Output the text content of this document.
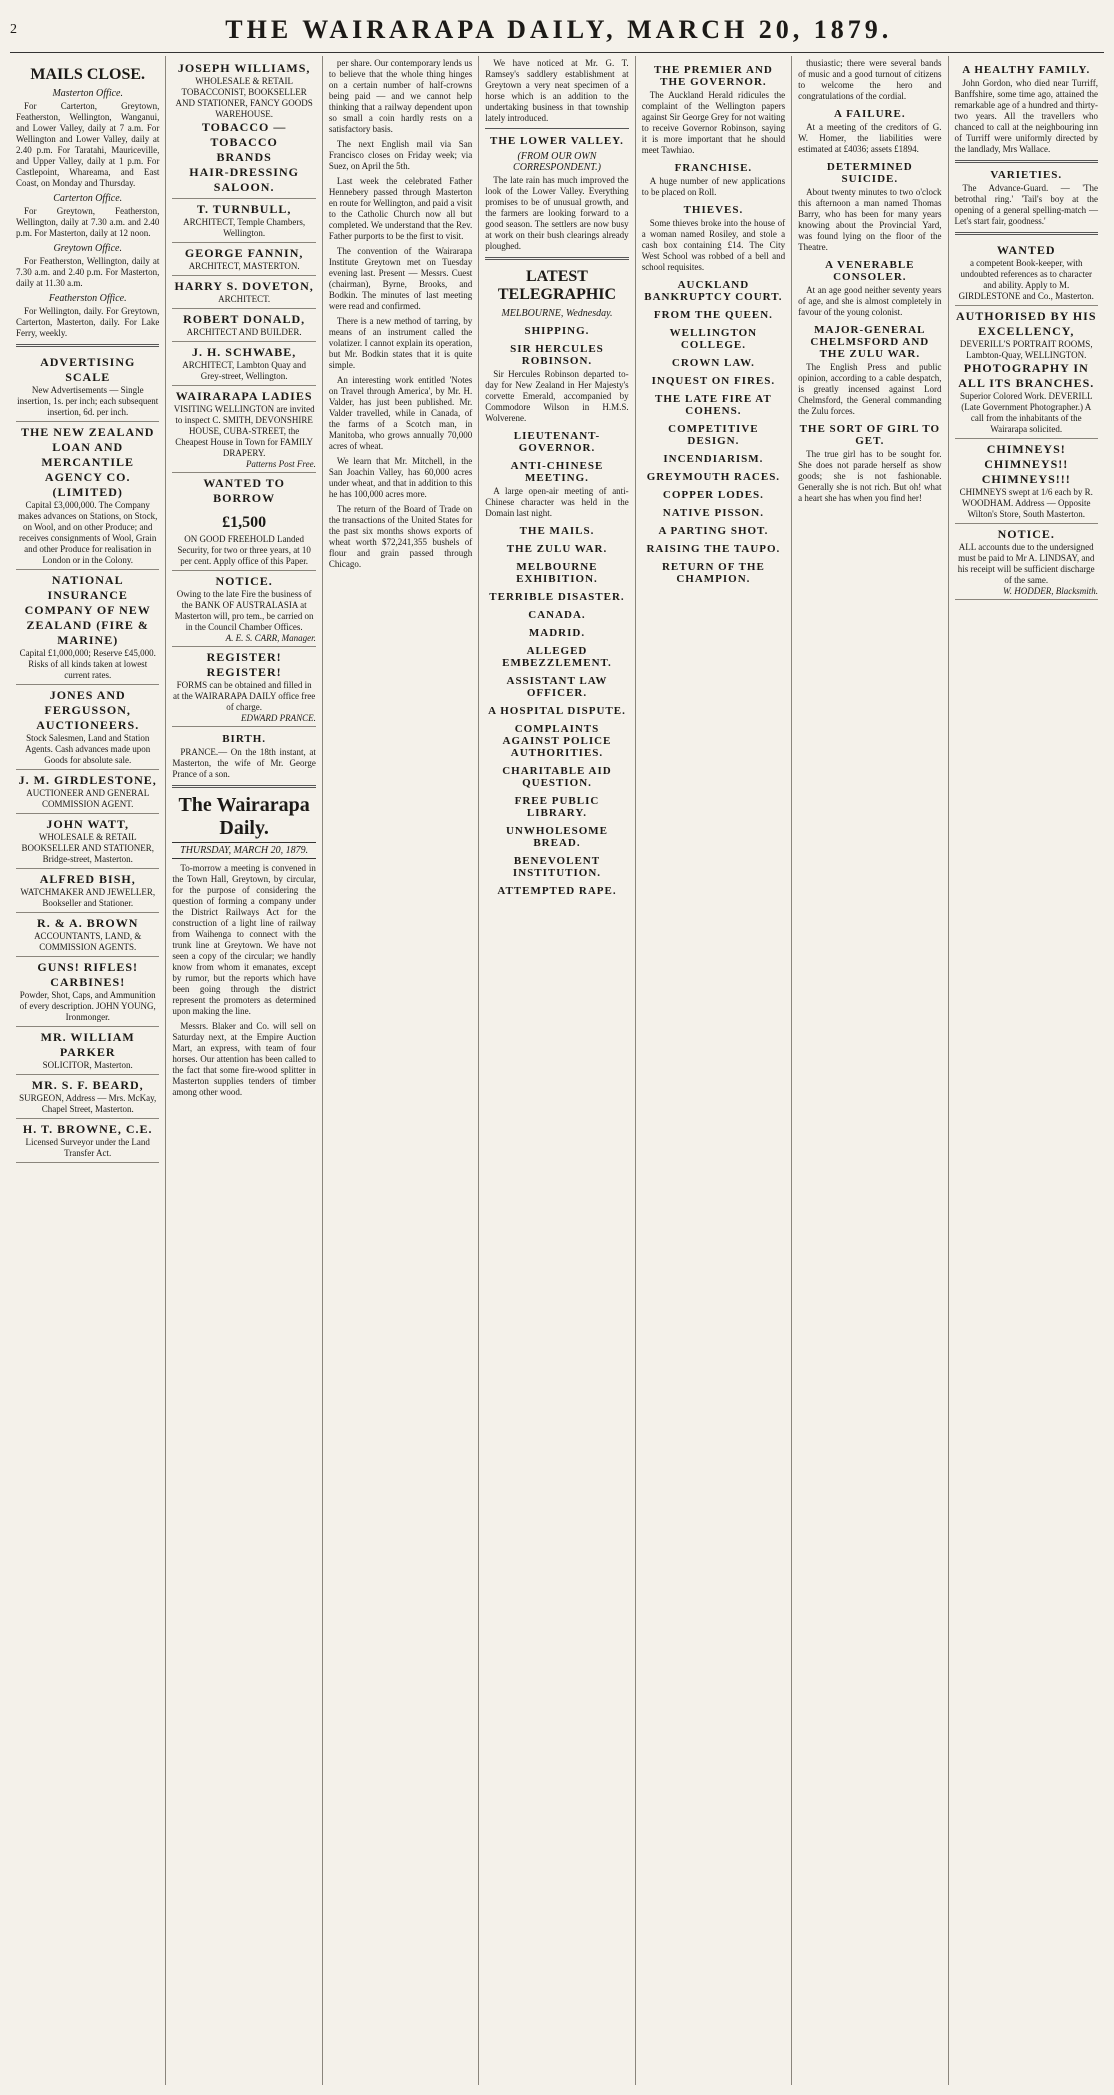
2	THE WAIRARAPA DAILY, MARCH 20, 1879.

MAILS CLOSE.
Masterton Office.

For Carterton, Greytown, Featherston, Wellington, Wanganui, and Lower Valley, daily at 7 a.m. For Wellington and Lower Valley, daily at 2.40 p.m. For Taratahi, Mauriceville, and Upper Valley, daily at 1 p.m. For Castlepoint, Whareama, and East Coast, on Monday and Thursday.

Carterton Office.

For Greytown, Featherston, Wellington, daily at 7.30 a.m. and 2.40 p.m. For Masterton, daily at 12 noon.

Greytown Office.

For Featherston, Wellington, daily at 7.30 a.m. and 2.40 p.m. For Masterton, daily at 11.30 a.m.

Featherston Office.

For Wellington, daily. For Greytown, Carterton, Masterton, daily. For Lake Ferry, weekly.

ADVERTISING SCALE
New Advertisements — Single insertion, 1s. per inch; each subsequent insertion, 6d. per inch.
THE NEW ZEALAND LOAN AND MERCANTILE AGENCY CO. (LIMITED)
Capital £3,000,000. The Company makes advances on Stations, on Stock, on Wool, and on other Produce; and receives consignments of Wool, Grain and other Produce for realisation in London or in the Colony.
NATIONAL INSURANCE COMPANY OF NEW ZEALAND (FIRE & MARINE)
Capital £1,000,000; Reserve £45,000. Risks of all kinds taken at lowest current rates.
JONES AND FERGUSSON, AUCTIONEERS.
Stock Salesmen, Land and Station Agents. Cash advances made upon Goods for absolute sale.
J. M. GIRDLESTONE,
AUCTIONEER AND GENERAL COMMISSION AGENT.
JOHN WATT,
WHOLESALE & RETAIL BOOKSELLER AND STATIONER, Bridge-street, Masterton.
ALFRED BISH,
WATCHMAKER AND JEWELLER, Bookseller and Stationer.
R. & A. BROWN
ACCOUNTANTS, LAND, & COMMISSION AGENTS.
GUNS! RIFLES! CARBINES!
Powder, Shot, Caps, and Ammunition of every description. JOHN YOUNG, Ironmonger.
MR. WILLIAM PARKER
SOLICITOR, Masterton.
MR. S. F. BEARD,
SURGEON, Address — Mrs. McKay, Chapel Street, Masterton.
H. T. BROWNE, C.E.
Licensed Surveyor under the Land Transfer Act.
JOSEPH WILLIAMS,
WHOLESALE & RETAIL TOBACCONIST, BOOKSELLER AND STATIONER, FANCY GOODS WAREHOUSE.
TOBACCO — TOBACCO
BRANDS
HAIR-DRESSING SALOON.
T. TURNBULL,
ARCHITECT, Temple Chambers, Wellington.
GEORGE FANNIN,
ARCHITECT, MASTERTON.
HARRY S. DOVETON,
ARCHITECT.
ROBERT DONALD,
ARCHITECT AND BUILDER.
J. H. SCHWABE,
ARCHITECT, Lambton Quay and Grey-street, Wellington.
WAIRARAPA LADIES
VISITING WELLINGTON are invited to inspect C. SMITH, DEVONSHIRE HOUSE, CUBA-STREET, the Cheapest House in Town for FAMILY DRAPERY.
Patterns Post Free.
WANTED TO BORROW
£1,500
ON GOOD FREEHOLD Landed Security, for two or three years, at 10 per cent. Apply office of this Paper.
NOTICE.
Owing to the late Fire the business of the BANK OF AUSTRALASIA at Masterton will, pro tem., be carried on in the Council Chamber Offices.
A. E. S. CARR, Manager.
REGISTER! REGISTER!
FORMS can be obtained and filled in at the WAIRARAPA DAILY office free of charge.
EDWARD PRANCE.
BIRTH.

PRANCE.— On the 18th instant, at Masterton, the wife of Mr. George Prance of a son.

The Wairarapa Daily.
THURSDAY, MARCH 20, 1879.

To-morrow a meeting is convened in the Town Hall, Greytown, by circular, for the purpose of considering the question of forming a company under the District Railways Act for the construction of a light line of railway from Waihenga to connect with the trunk line at Greytown. We have not seen a copy of the circular; we handly know from whom it emanates, except by rumor, but the reports which have been going through the district represent the promoters as determined upon making the line.

Messrs. Blaker and Co. will sell on Saturday next, at the Empire Auction Mart, an express, with team of four horses. Our attention has been called to the fact that some fire-wood splitter in Masterton supplies tenders of timber among other wood.

per share. Our contemporary lends us to believe that the whole thing hinges on a certain number of half-crowns being paid — and we cannot help thinking that a railway dependent upon so small a coin hardly rests on a satisfactory basis.

The next English mail via San Francisco closes on Friday week; via Suez, on April the 5th.

Last week the celebrated Father Hennebery passed through Masterton en route for Wellington, and paid a visit to the Catholic Church now all but completed. We understand that the Rev. Father purports to be the first to visit.

The convention of the Wairarapa Institute Greytown met on Tuesday evening last. Present — Messrs. Cuest (chairman), Byrne, Brooks, and Bodkin. The minutes of last meeting were read and confirmed.

There is a new method of tarring, by means of an instrument called the volatizer. I cannot explain its operation, but Mr. Bodkin states that it is quite simple.

An interesting work entitled 'Notes on Travel through America', by Mr. H. Valder, has just been published. Mr. Valder travelled, while in Canada, of the farms of a Scotch man, in Manitoba, who grows annually 70,000 acres of wheat.

We learn that Mr. Mitchell, in the San Joachin Valley, has 60,000 acres under wheat, and that in addition to this he has 100,000 acres more.

The return of the Board of Trade on the transactions of the United States for the past six months shows exports of wheat worth $72,241,355 bushels of flour and grain passed through Chicago.

We have noticed at Mr. G. T. Ramsey's saddlery establishment at Greytown a very neat specimen of a horse which is an addition to the undertaking business in that township lately introduced.

THE LOWER VALLEY.
(FROM OUR OWN CORRESPONDENT.)

The late rain has much improved the look of the Lower Valley. Everything promises to be of unusual growth, and the farmers are looking forward to a good season. The settlers are now busy at work on their bush clearings already ploughed.

LATEST TELEGRAPHIC
MELBOURNE, Wednesday.
SHIPPING.
SIR HERCULES ROBINSON.

Sir Hercules Robinson departed to-day for New Zealand in Her Majesty's corvette Emerald, accompanied by Commodore Wilson in H.M.S. Wolverene.

LIEUTENANT-GOVERNOR.
ANTI-CHINESE MEETING.

A large open-air meeting of anti-Chinese character was held in the Domain last night.

THE MAILS.
THE ZULU WAR.
MELBOURNE EXHIBITION.
TERRIBLE DISASTER.
CANADA.
MADRID.
ALLEGED EMBEZZLEMENT.
ASSISTANT LAW OFFICER.
A HOSPITAL DISPUTE.
COMPLAINTS AGAINST POLICE AUTHORITIES.
CHARITABLE AID QUESTION.
FREE PUBLIC LIBRARY.
UNWHOLESOME BREAD.
BENEVOLENT INSTITUTION.
ATTEMPTED RAPE.
THE PREMIER AND THE GOVERNOR.

The Auckland Herald ridicules the complaint of the Wellington papers against Sir George Grey for not waiting to receive Governor Robinson, saying it is more important that he should meet Tawhiao.

FRANCHISE.

A huge number of new applications to be placed on Roll.

THIEVES.

Some thieves broke into the house of a woman named Rosiley, and stole a cash box containing £14. The City West School was robbed of a bell and school requisites.

AUCKLAND BANKRUPTCY COURT.
FROM THE QUEEN.
WELLINGTON COLLEGE.
CROWN LAW.
INQUEST ON FIRES.
THE LATE FIRE AT COHENS.
COMPETITIVE DESIGN.
INCENDIARISM.
GREYMOUTH RACES.
COPPER LODES.
NATIVE PISSON.
A PARTING SHOT.
RAISING THE TAUPO.
RETURN OF THE CHAMPION.

thusiastic; there were several bands of music and a good turnout of citizens to welcome the hero and congratulations of the cordial.

A FAILURE.

At a meeting of the creditors of G. W. Homer, the liabilities were estimated at £4036; assets £1894.

DETERMINED SUICIDE.

About twenty minutes to two o'clock this afternoon a man named Thomas Barry, who has been for many years knowing about the Provincial Yard, was found lying on the floor of the Theatre.

A VENERABLE CONSOLER.

At an age good neither seventy years of age, and she is almost completely in favour of the young colonist.

MAJOR-GENERAL CHELMSFORD AND THE ZULU WAR.

The English Press and public opinion, according to a cable despatch, is greatly incensed against Lord Chelmsford, the General commanding the Zulu forces.

THE SORT OF GIRL TO GET.

The true girl has to be sought for. She does not parade herself as show goods; she is not fashionable. Generally she is not rich. But oh! what a heart she has when you find her!

A HEALTHY FAMILY.

John Gordon, who died near Turriff, Banffshire, some time ago, attained the remarkable age of a hundred and thirty-two years. All the travellers who chanced to call at the neighbouring inn of Turriff were uniformly directed by the landlady, Mrs Wallace.

VARIETIES.

The Advance-Guard. — 'The betrothal ring.' 'Tail's boy at the opening of a general spelling-match — Let's start fair, goodness.'

WANTED
a competent Book-keeper, with undoubted references as to character and ability. Apply to M. GIRDLESTONE and Co., Masterton.
AUTHORISED BY HIS EXCELLENCY,
DEVERILL'S PORTRAIT ROOMS, Lambton-Quay, WELLINGTON.
PHOTOGRAPHY IN ALL ITS BRANCHES.
Superior Colored Work. DEVERILL (Late Government Photographer.) A call from the inhabitants of the Wairarapa solicited.
CHIMNEYS! CHIMNEYS!!
CHIMNEYS!!!
CHIMNEYS swept at 1/6 each by R. WOODHAM. Address — Opposite Wilton's Store, South Masterton.
NOTICE.
ALL accounts due to the undersigned must be paid to Mr A. LINDSAY, and his receipt will be sufficient discharge of the same.
W. HODDER, Blacksmith.
